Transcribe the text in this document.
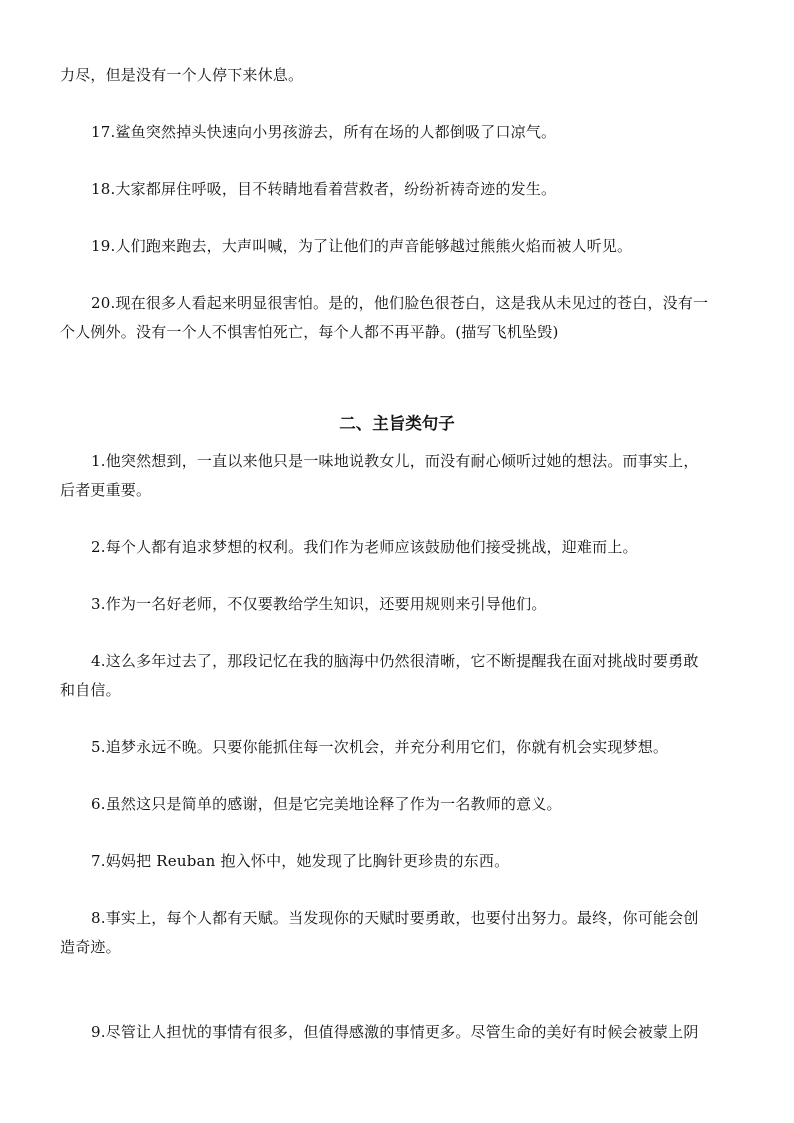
力尽，但是没有一个人停下来休息。
17.鲨鱼突然掉头快速向小男孩游去，所有在场的人都倒吸了口凉气。
18.大家都屏住呼吸，目不转睛地看着营救者，纷纷祈祷奇迹的发生。
19.人们跑来跑去，大声叫喊，为了让他们的声音能够越过熊熊火焰而被人听见。
20.现在很多人看起来明显很害怕。是的，他们脸色很苍白，这是我从未见过的苍白，没有一
个人例外。没有一个人不惧害怕死亡，每个人都不再平静。(描写飞机坠毁)
二、主旨类句子
1.他突然想到，一直以来他只是一味地说教女儿，而没有耐心倾听过她的想法。而事实上，
后者更重要。
2.每个人都有追求梦想的权利。我们作为老师应该鼓励他们接受挑战，迎难而上。
3.作为一名好老师，不仅要教给学生知识，还要用规则来引导他们。
4.这么多年过去了，那段记忆在我的脑海中仍然很清晰，它不断提醒我在面对挑战时要勇敢
和自信。
5.追梦永远不晚。只要你能抓住每一次机会，并充分利用它们，你就有机会实现梦想。
6.虽然这只是简单的感谢，但是它完美地诠释了作为一名教师的意义。
7.妈妈把 Reuban 抱入怀中，她发现了比胸针更珍贵的东西。
8.事实上，每个人都有天赋。当发现你的天赋时要勇敢，也要付出努力。最终，你可能会创
造奇迹。
9.尽管让人担忧的事情有很多，但值得感激的事情更多。尽管生命的美好有时候会被蒙上阴
